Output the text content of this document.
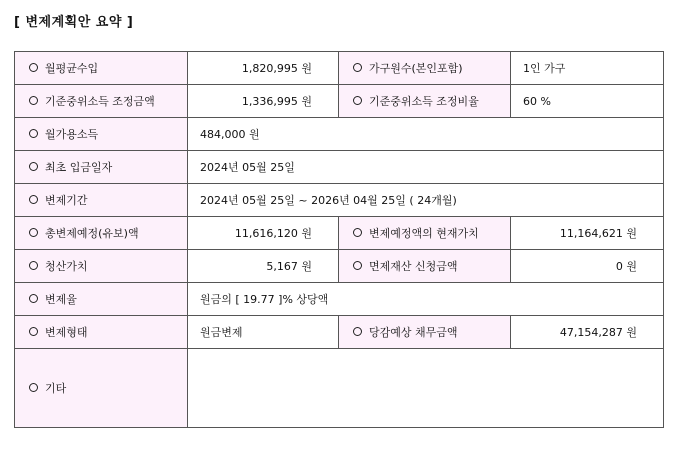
[ 변제계획안 요약 ]
월평균수입	1,820,995 원	가구원수(본인포함)	1인 가구
기준중위소득 조정금액	1,336,995 원	기준중위소득 조정비율	60 %
월가용소득	484,000 원		
최초 입금일자	2024년 05월 25일		
변제기간	2024년 05월 25일 ~ 2026년 04월 25일 ( 24개월)		
총변제예정(유보)액	11,616,120 원	변제예정액의 현재가치	11,164,621 원
청산가치	5,167 원	면제재산 신청금액	0 원
변제율	원금의 [ 19.77 ]% 상당액		
변제형태	원금변제	당감예상 채무금액	47,154,287 원
기타			
